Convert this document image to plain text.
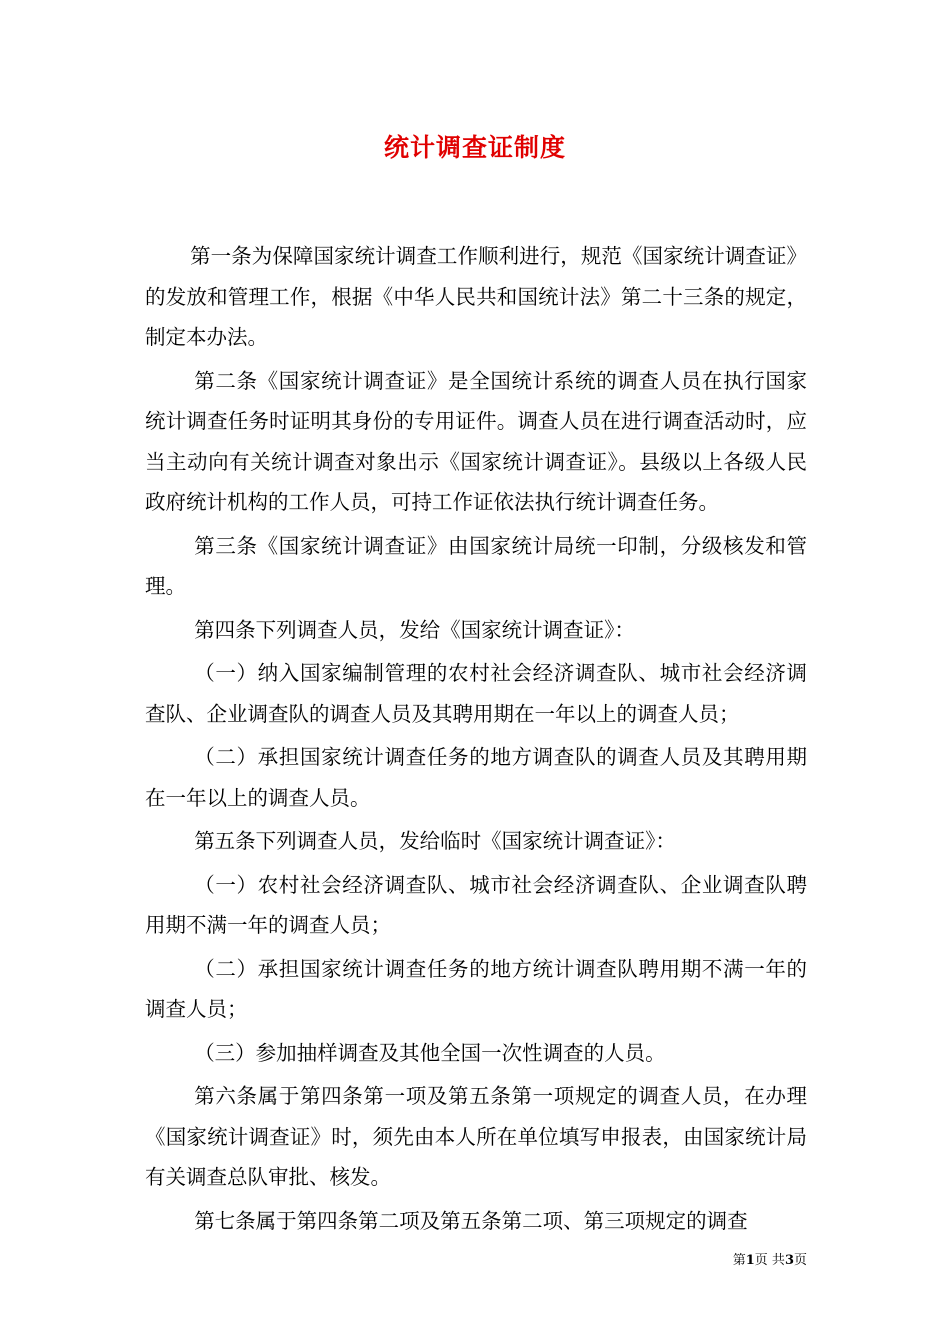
统计调查证制度

第一条为保障国家统计调查工作顺利进行，规范《国家统计调查证》的发放和管理工作，根据《中华人民共和国统计法》第二十三条的规定，制定本办法。

第二条《国家统计调查证》是全国统计系统的调查人员在执行国家统计调查任务时证明其身份的专用证件。调查人员在进行调查活动时，应当主动向有关统计调查对象出示《国家统计调查证》。县级以上各级人民政府统计机构的工作人员，可持工作证依法执行统计调查任务。

第三条《国家统计调查证》由国家统计局统一印制，分级核发和管理。

第四条下列调查人员，发给《国家统计调查证》：

（一）纳入国家编制管理的农村社会经济调查队、城市社会经济调查队、企业调查队的调查人员及其聘用期在一年以上的调查人员；

（二）承担国家统计调查任务的地方调查队的调查人员及其聘用期在一年以上的调查人员。

第五条下列调查人员，发给临时《国家统计调查证》：

（一）农村社会经济调查队、城市社会经济调查队、企业调查队聘用期不满一年的调查人员；

（二）承担国家统计调查任务的地方统计调查队聘用期不满一年的调查人员；

（三）参加抽样调查及其他全国一次性调查的人员。

第六条属于第四条第一项及第五条第一项规定的调查人员，在办理《国家统计调查证》时，须先由本人所在单位填写申报表，由国家统计局有关调查总队审批、核发。

第七条属于第四条第二项及第五条第二项、第三项规定的调查

第1页 共3页
